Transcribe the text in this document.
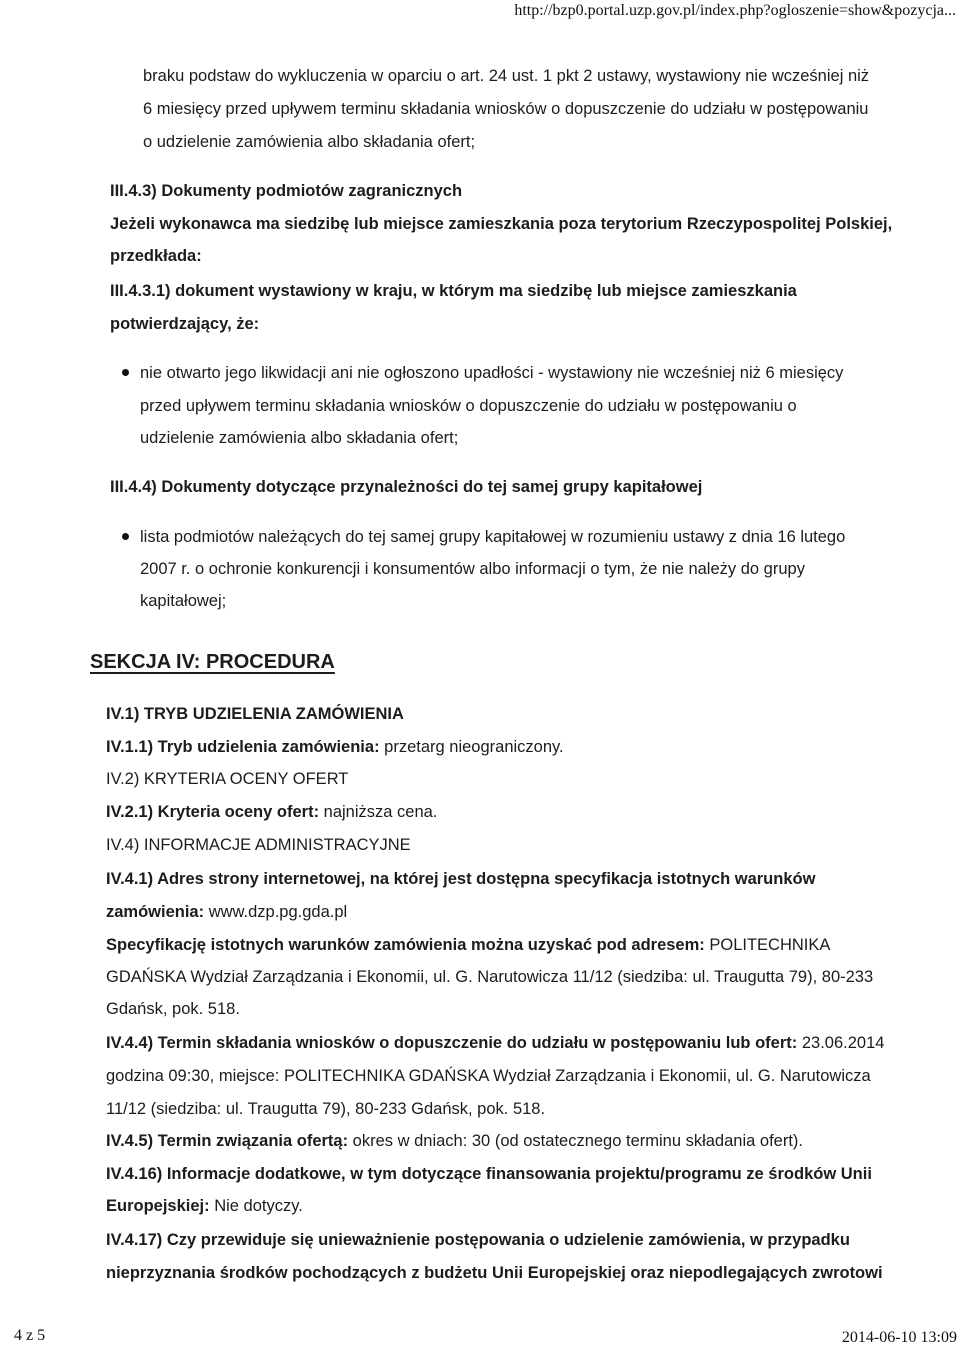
http://bzp0.portal.uzp.gov.pl/index.php?ogloszenie=show&pozycja...
braku podstaw do wykluczenia w oparciu o art. 24 ust. 1 pkt 2 ustawy, wystawiony nie wcześniej niż
6 miesięcy przed upływem terminu składania wniosków o dopuszczenie do udziału w postępowaniu
o udzielenie zamówienia albo składania ofert;
III.4.3) Dokumenty podmiotów zagranicznych
Jeżeli wykonawca ma siedzibę lub miejsce zamieszkania poza terytorium Rzeczypospolitej Polskiej,
przedkłada:
III.4.3.1) dokument wystawiony w kraju, w którym ma siedzibę lub miejsce zamieszkania
potwierdzający, że:
nie otwarto jego likwidacji ani nie ogłoszono upadłości - wystawiony nie wcześniej niż 6 miesięcy
przed upływem terminu składania wniosków o dopuszczenie do udziału w postępowaniu o
udzielenie zamówienia albo składania ofert;
III.4.4) Dokumenty dotyczące przynależności do tej samej grupy kapitałowej
lista podmiotów należących do tej samej grupy kapitałowej w rozumieniu ustawy z dnia 16 lutego
2007 r. o ochronie konkurencji i konsumentów albo informacji o tym, że nie należy do grupy
kapitałowej;
SEKCJA IV: PROCEDURA
IV.1) TRYB UDZIELENIA ZAMÓWIENIA
IV.1.1) Tryb udzielenia zamówienia: przetarg nieograniczony.
IV.2) KRYTERIA OCENY OFERT
IV.2.1) Kryteria oceny ofert: najniższa cena.
IV.4) INFORMACJE ADMINISTRACYJNE
IV.4.1) Adres strony internetowej, na której jest dostępna specyfikacja istotnych warunków
zamówienia: www.dzp.pg.gda.pl
Specyfikację istotnych warunków zamówienia można uzyskać pod adresem: POLITECHNIKA
GDAŃSKA Wydział Zarządzania i Ekonomii, ul. G. Narutowicza 11/12 (siedziba: ul. Traugutta 79), 80-233
Gdańsk, pok. 518.
IV.4.4) Termin składania wniosków o dopuszczenie do udziału w postępowaniu lub ofert: 23.06.2014
godzina 09:30, miejsce: POLITECHNIKA GDAŃSKA Wydział Zarządzania i Ekonomii, ul. G. Narutowicza
11/12 (siedziba: ul. Traugutta 79), 80-233 Gdańsk, pok. 518.
IV.4.5) Termin związania ofertą: okres w dniach: 30 (od ostatecznego terminu składania ofert).
IV.4.16) Informacje dodatkowe, w tym dotyczące finansowania projektu/programu ze środków Unii
Europejskiej: Nie dotyczy.
IV.4.17) Czy przewiduje się unieważnienie postępowania o udzielenie zamówienia, w przypadku
nieprzyznania środków pochodzących z budżetu Unii Europejskiej oraz niepodlegających zwrotowi
4 z 5	2014-06-10 13:09
